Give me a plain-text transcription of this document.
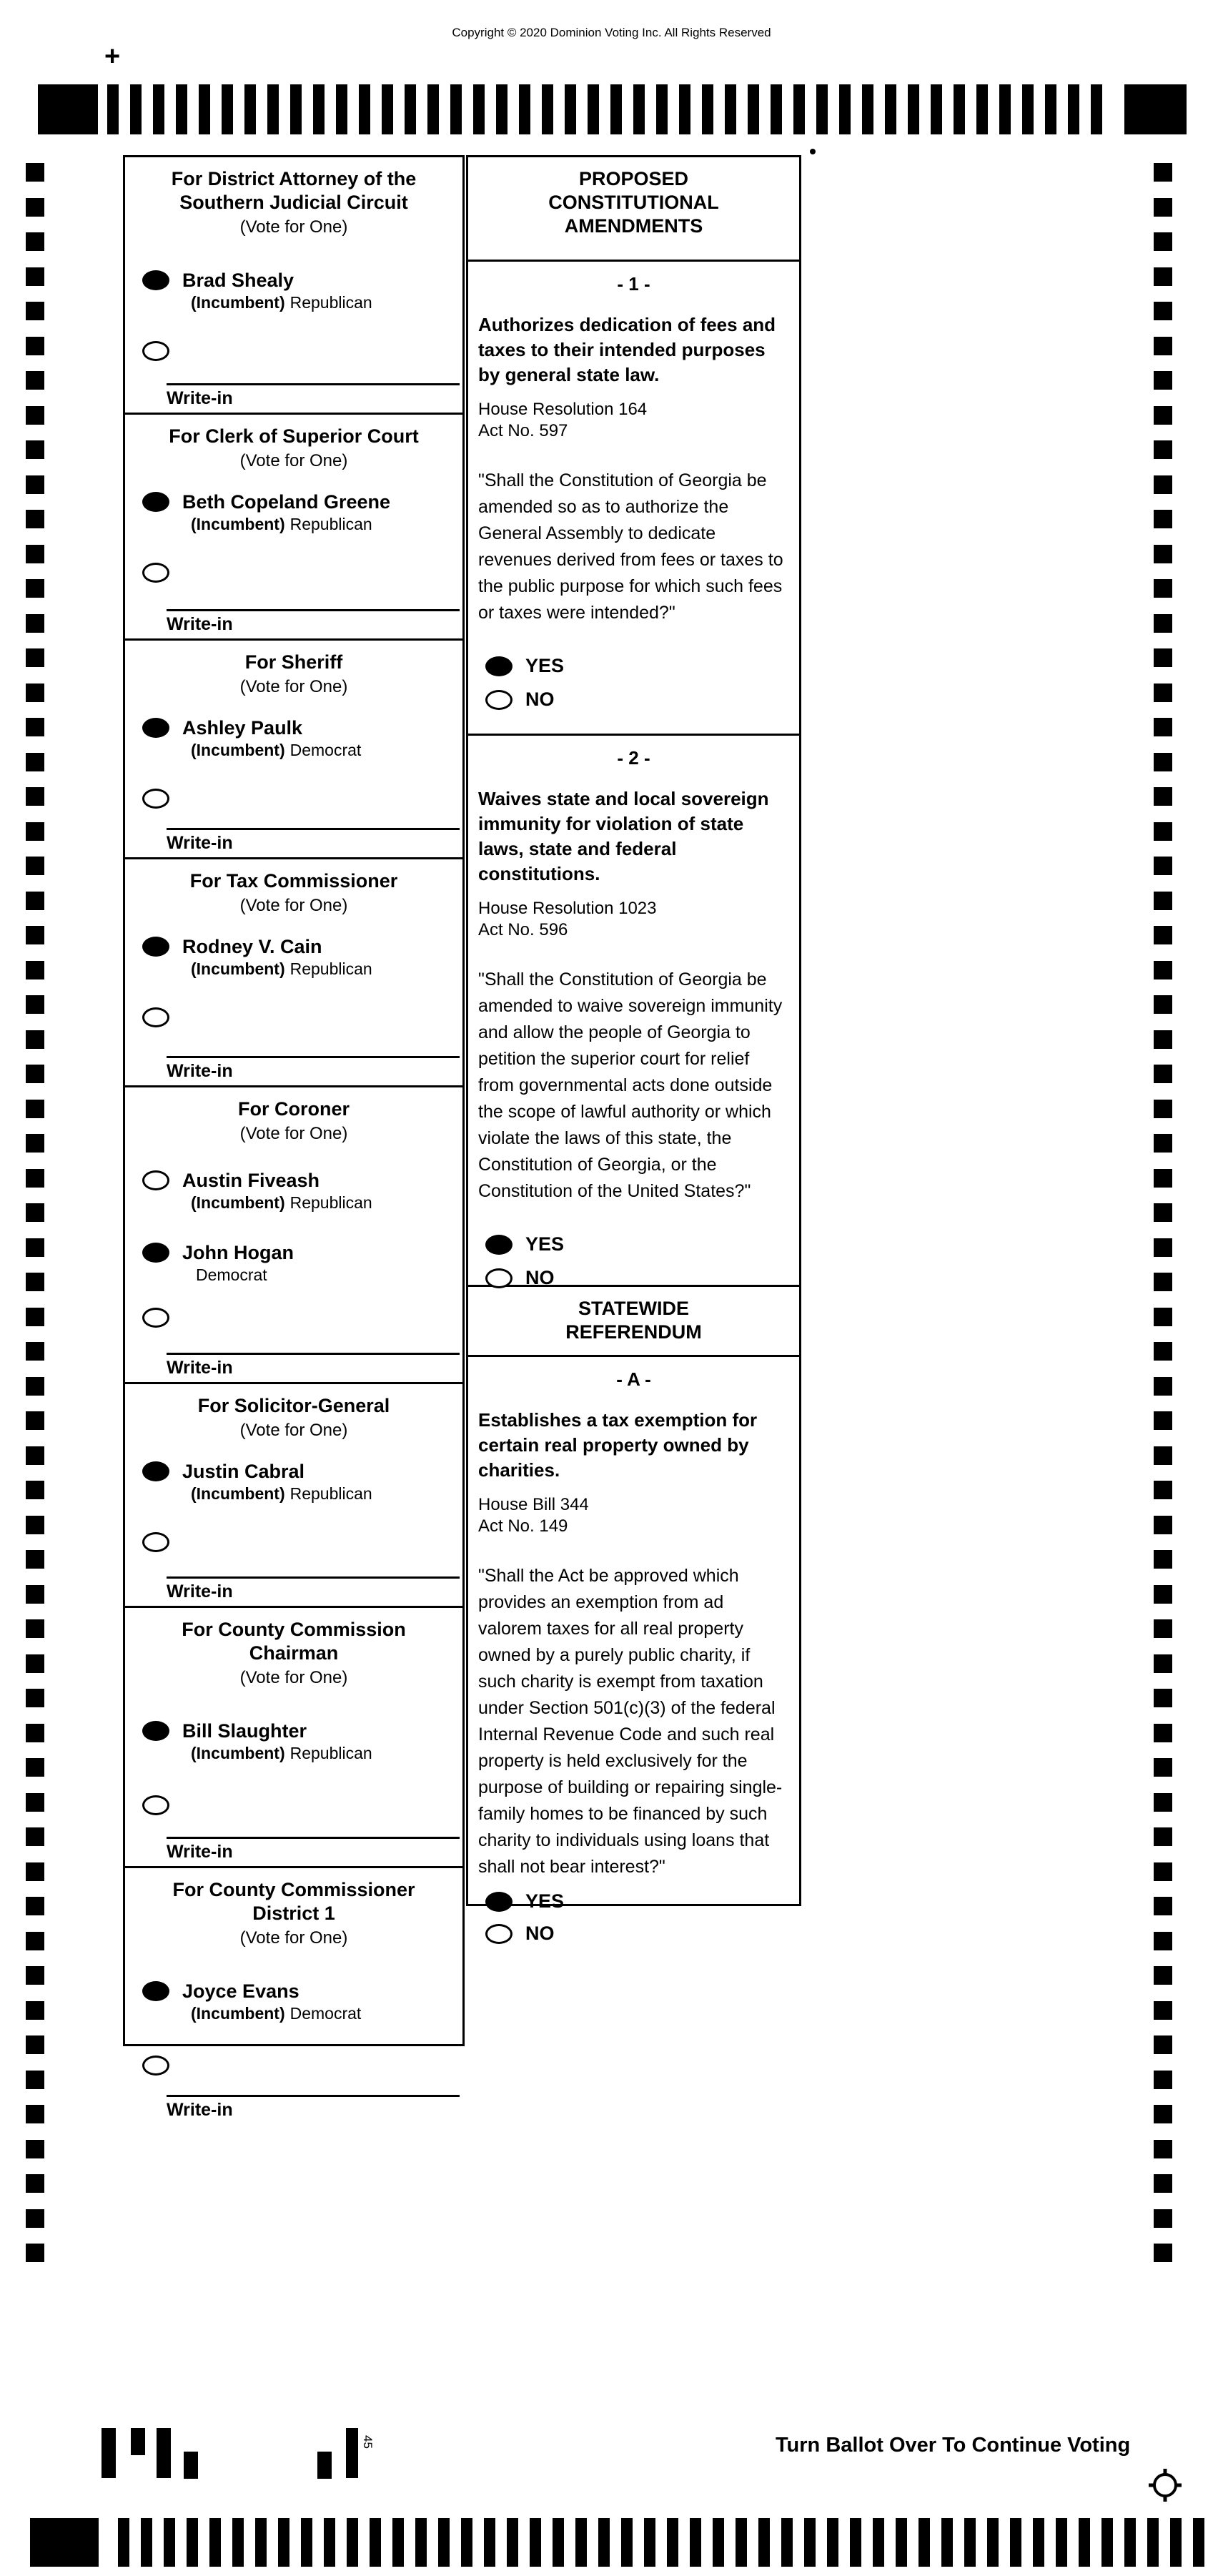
Copyright © 2020 Dominion Voting Inc. All Rights Reserved
+
For District Attorney of the
Southern Judicial Circuit
(Vote for One)
Brad Shealy
(Incumbent) Republican
Write-in
For Clerk of Superior Court
(Vote for One)
Beth Copeland Greene
(Incumbent) Republican
Write-in
For Sheriff
(Vote for One)
Ashley Paulk
(Incumbent) Democrat
Write-in
For Tax Commissioner
(Vote for One)
Rodney V. Cain
(Incumbent) Republican
Write-in
For Coroner
(Vote for One)
Austin Fiveash
(Incumbent) Republican
John Hogan
Democrat
Write-in
For Solicitor-General
(Vote for One)
Justin Cabral
(Incumbent) Republican
Write-in
For County Commission
Chairman
(Vote for One)
Bill Slaughter
(Incumbent) Republican
Write-in
For County Commissioner
District 1
(Vote for One)
Joyce Evans
(Incumbent) Democrat
Write-in
PROPOSED
CONSTITUTIONAL
AMENDMENTS
- 1 -
Authorizes dedication of fees and taxes to their intended purposes by general state law.
House Resolution 164
Act No. 597
"Shall the Constitution of Georgia be amended so as to authorize the General Assembly to dedicate revenues derived from fees or taxes to the public purpose for which such fees or taxes were intended?"
YES
NO
- 2 -
Waives state and local sovereign immunity for violation of state laws, state and federal constitutions.
House Resolution 1023
Act No. 596
"Shall the Constitution of Georgia be amended to waive sovereign immunity and allow the people of Georgia to petition the superior court for relief from governmental acts done outside the scope of lawful authority or which violate the laws of this state, the Constitution of Georgia, or the Constitution of the United States?"
YES
NO
STATEWIDE
REFERENDUM
- A -
Establishes a tax exemption for certain real property owned by charities.
House Bill 344
Act No. 149
"Shall the Act be approved which provides an exemption from ad valorem taxes for all real property owned by a purely public charity, if such charity is exempt from taxation under Section 501(c)(3) of the federal Internal Revenue Code and such real property is held exclusively for the purpose of building or repairing single-family homes to be financed by such charity to individuals using loans that shall not bear interest?"
YES
NO
45	Turn Ballot Over To Continue Voting
